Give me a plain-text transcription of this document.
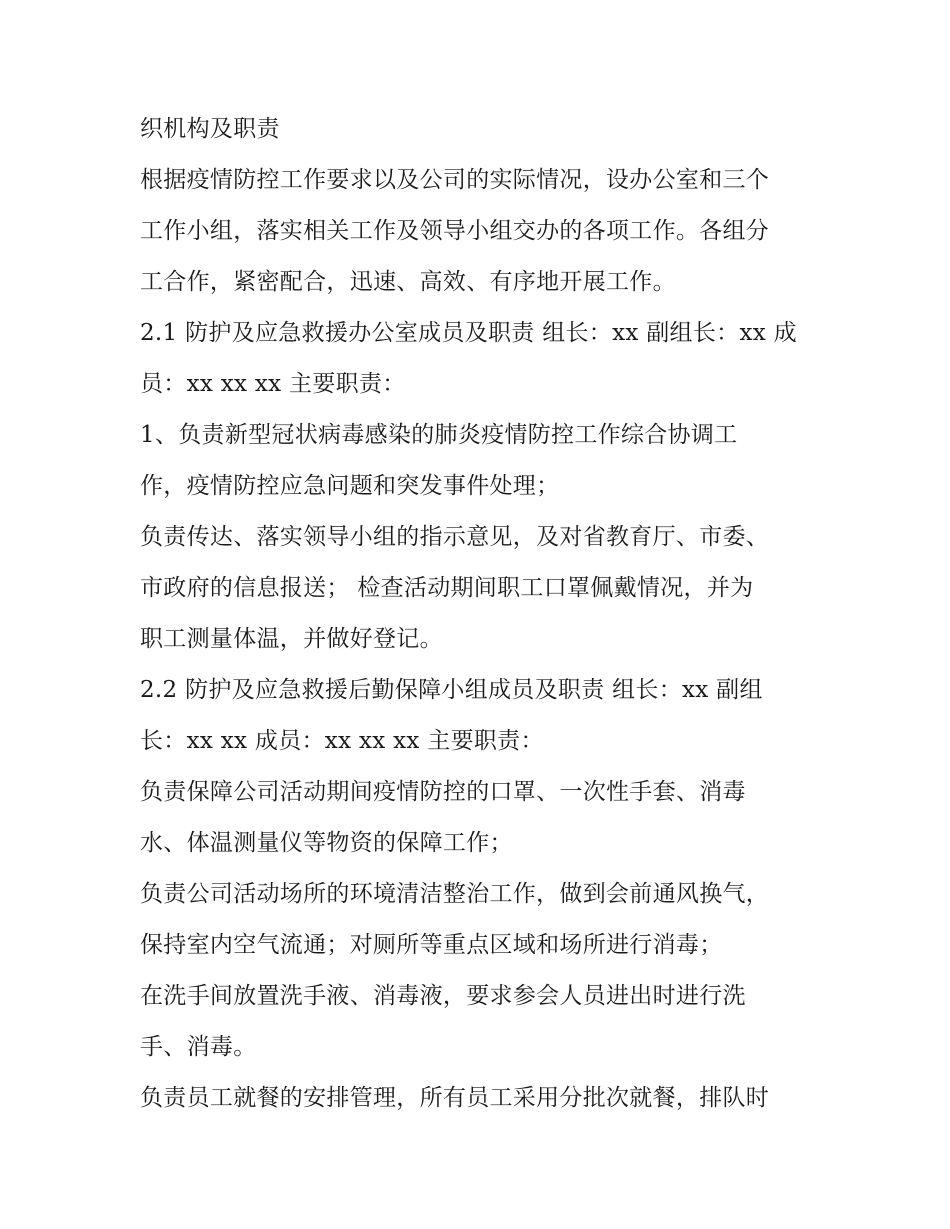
织机构及职责
根据疫情防控工作要求以及公司的实际情况，设办公室和三个
工作小组，落实相关工作及领导小组交办的各项工作。各组分
工合作，紧密配合，迅速、高效、有序地开展工作。
2.1 防护及应急救援办公室成员及职责 组长：xx 副组长：xx 成
员：xx xx xx 主要职责：
1、负责新型冠状病毒感染的肺炎疫情防控工作综合协调工
作，疫情防控应急问题和突发事件处理；
负责传达、落实领导小组的指示意见，及对省教育厅、市委、
市政府的信息报送； 检查活动期间职工口罩佩戴情况，并为
职工测量体温，并做好登记。
2.2 防护及应急救援后勤保障小组成员及职责 组长：xx 副组
长：xx xx 成员：xx xx xx 主要职责：
负责保障公司活动期间疫情防控的口罩、一次性手套、消毒
水、体温测量仪等物资的保障工作；
负责公司活动场所的环境清洁整治工作，做到会前通风换气，
保持室内空气流通；对厕所等重点区域和场所进行消毒；
在洗手间放置洗手液、消毒液，要求参会人员进出时进行洗
手、消毒。
负责员工就餐的安排管理，所有员工采用分批次就餐，排队时
